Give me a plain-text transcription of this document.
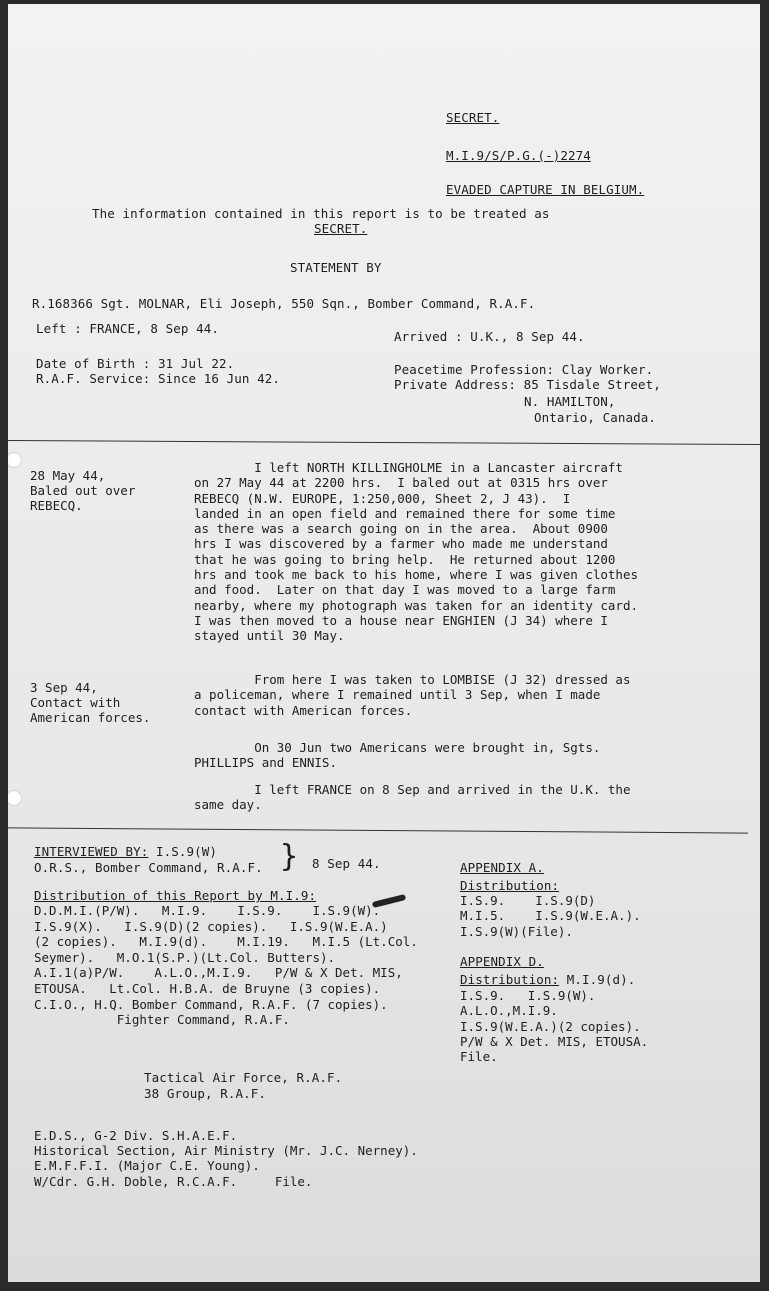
SECRET.
M.I.9/S/P.G.(-)2274
EVADED CAPTURE IN BELGIUM.
The information contained in this report is to be treated as
SECRET.
STATEMENT BY
R.168366 Sgt. MOLNAR, Eli Joseph, 550 Sqn., Bomber Command, R.A.F.
Left : FRANCE, 8 Sep 44.
Arrived : U.K., 8 Sep 44.
Date of Birth : 31 Jul 22.
R.A.F. Service: Since 16 Jun 42.
Peacetime Profession: Clay Worker.
Private Address: 85 Tisdale Street,
N. HAMILTON,
Ontario, Canada.
28 May 44,
Baled out over
REBECQ.
3 Sep 44,
Contact with
American forces.
I left NORTH KILLINGHOLME in a Lancaster aircraft
on 27 May 44 at 2200 hrs.  I baled out at 0315 hrs over
REBECQ (N.W. EUROPE, 1:250,000, Sheet 2, J 43).  I
landed in an open field and remained there for some time
as there was a search going on in the area.  About 0900
hrs I was discovered by a farmer who made me understand
that he was going to bring help.  He returned about 1200
hrs and took me back to his home, where I was given clothes
and food.  Later on that day I was moved to a large farm
nearby, where my photograph was taken for an identity card.
I was then moved to a house near ENGHIEN (J 34) where I
stayed until 30 May.
From here I was taken to LOMBISE (J 32) dressed as
a policeman, where I remained until 3 Sep, when I made
contact with American forces.
On 30 Jun two Americans were brought in, Sgts.
PHILLIPS and ENNIS.
I left FRANCE on 8 Sep and arrived in the U.K. the
same day.
INTERVIEWED BY: I.S.9(W)
O.R.S., Bomber Command, R.A.F. } 8 Sep 44.
Distribution of this Report by M.I.9:
D.D.M.I.(P/W).   M.I.9.    I.S.9.    I.S.9(W).
I.S.9(X).   I.S.9(D)(2 copies).   I.S.9(W.E.A.)
(2 copies).   M.I.9(d).    M.I.19.   M.I.5 (Lt.Col.
Seymer).   M.O.1(S.P.)(Lt.Col. Butters).
A.I.1(a)P/W.    A.L.O.,M.I.9.   P/W & X Det. MIS,
ETOUSA.   Lt.Col. H.B.A. de Bruyne (3 copies).
C.I.O., H.Q. Bomber Command, R.A.F. (7 copies).
Fighter Command, R.A.F.
Tactical Air Force, R.A.F.
38 Group, R.A.F.
E.D.S., G-2 Div. S.H.A.E.F.
Historical Section, Air Ministry (Mr. J.C. Nerney).
E.M.F.F.I. (Major C.E. Young).
W/Cdr. G.H. Doble, R.C.A.F.     File.
APPENDIX A.
Distribution:
I.S.9.    I.S.9(D)
M.I.5.    I.S.9(W.E.A.).
I.S.9(W)(File).
APPENDIX D.
Distribution: M.I.9(d).
I.S.9.   I.S.9(W).
A.L.O.,M.I.9.
I.S.9(W.E.A.)(2 copies).
P/W & X Det. MIS, ETOUSA.
File.
